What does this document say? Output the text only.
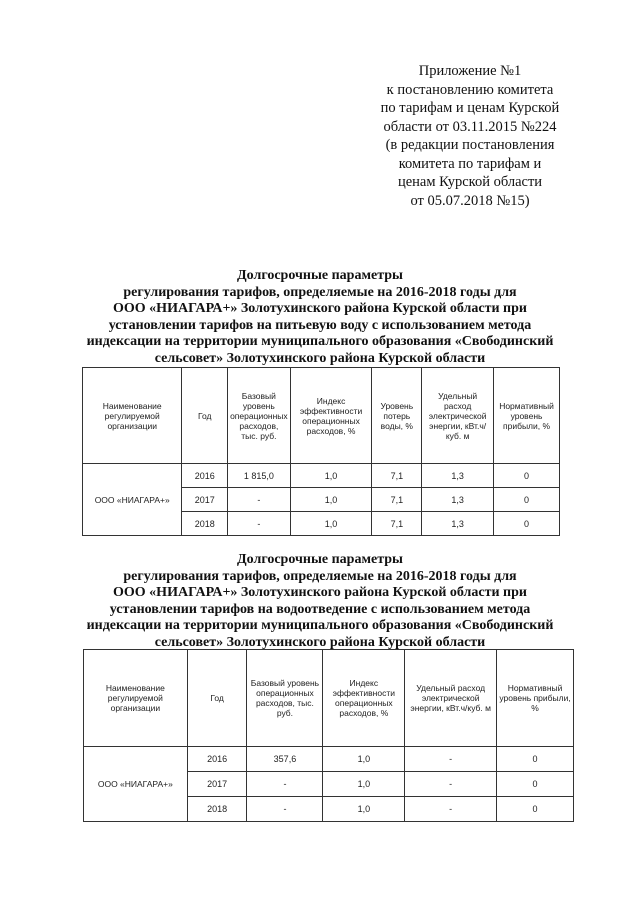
Приложение №1
к постановлению комитета
по тарифам и ценам Курской
области от 03.11.2015 №224
(в редакции постановления
комитета по тарифам и
ценам Курской области
от 05.07.2018 №15)
Долгосрочные параметры
регулирования тарифов, определяемые на 2016-2018 годы для
ООО «НИАГАРА+» Золотухинского района Курской области при
установлении тарифов на питьевую воду с использованием метода
индексации на территории муниципального образования «Свободинский
сельсовет» Золотухинского района Курской области
Наименование регулируемой организации	Год	Базовый уровень операционных расходов, тыс. руб.	Индекс эффективности операционных расходов, %	Уровень потерь воды, %	Удельный расход электрической энергии, кВт.ч/куб. м	Нормативный уровень прибыли, %
ООО «НИАГАРА+»	2016	1 815,0	1,0	7,1	1,3	0
	2017	-	1,0	7,1	1,3	0
	2018	-	1,0	7,1	1,3	0
Долгосрочные параметры
регулирования тарифов, определяемые на 2016-2018 годы для
ООО «НИАГАРА+» Золотухинского района Курской области при
установлении тарифов на водоотведение с использованием метода
индексации на территории муниципального образования «Свободинский
сельсовет» Золотухинского района Курской области
Наименование регулируемой организации	Год	Базовый уровень операционных расходов, тыс. руб.	Индекс эффективности операционных расходов, %	Удельный расход электрической энергии, кВт.ч/куб. м	Нормативный уровень прибыли, %
ООО «НИАГАРА+»	2016	357,6	1,0	-	0
	2017	-	1,0	-	0
	2018	-	1,0	-	0
